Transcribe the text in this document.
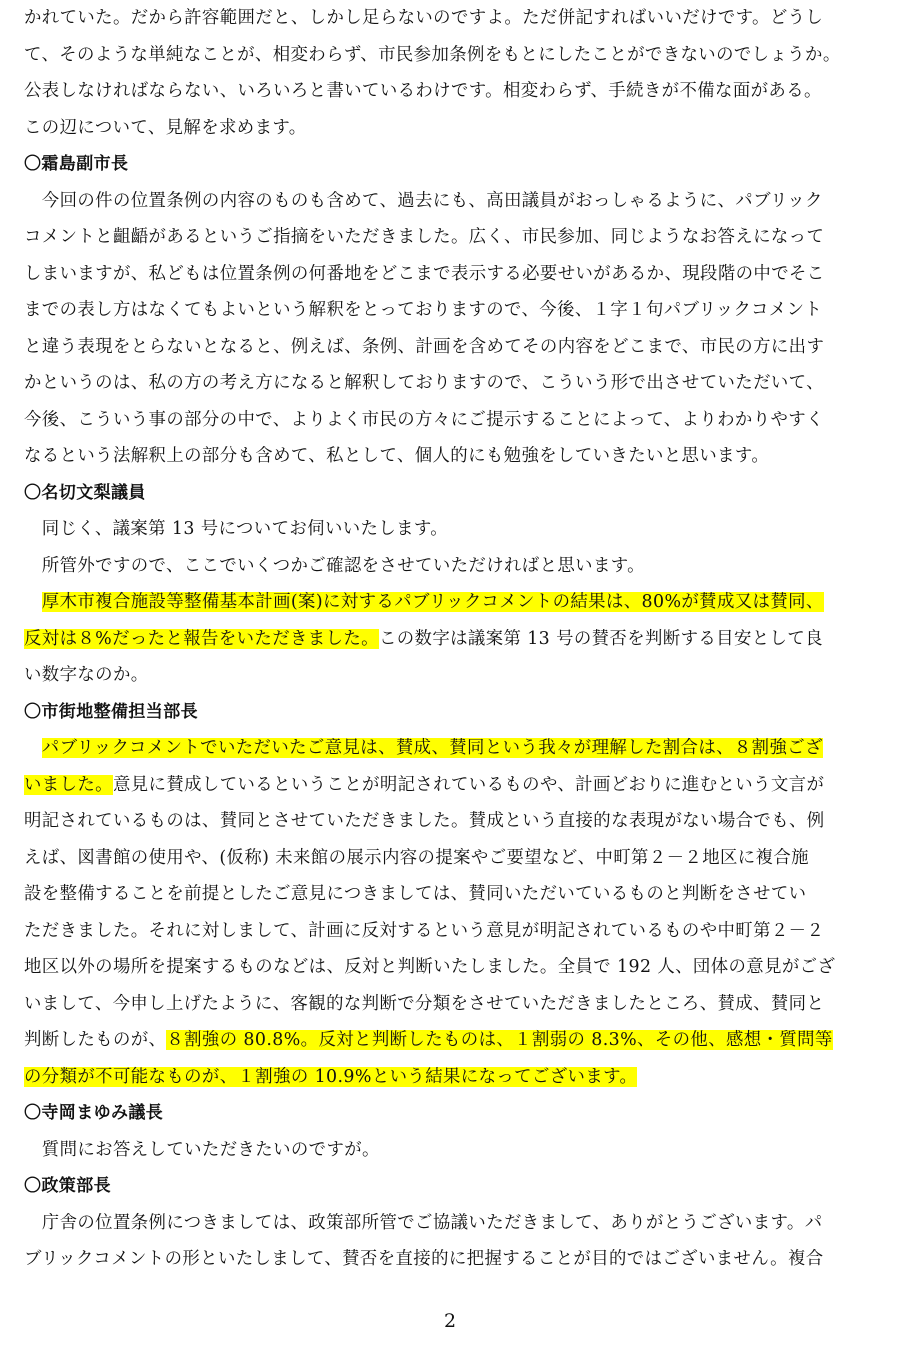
かれていた。だから許容範囲だと、しかし足らないのですよ。ただ併記すればいいだけです。どうし
て、そのような単純なことが、相変わらず、市民参加条例をもとにしたことができないのでしょうか。
公表しなければならない、いろいろと書いているわけです。相変わらず、手続きが不備な面がある。
この辺について、見解を求めます。
〇霜島副市長
　今回の件の位置条例の内容のものも含めて、過去にも、高田議員がおっしゃるように、パブリック
コメントと齟齬があるというご指摘をいただきました。広く、市民参加、同じようなお答えになって
しまいますが、私どもは位置条例の何番地をどこまで表示する必要せいがあるか、現段階の中でそこ
までの表し方はなくてもよいという解釈をとっておりますので、今後、１字１句パブリックコメント
と違う表現をとらないとなると、例えば、条例、計画を含めてその内容をどこまで、市民の方に出す
かというのは、私の方の考え方になると解釈しておりますので、こういう形で出させていただいて、
今後、こういう事の部分の中で、よりよく市民の方々にご提示することによって、よりわかりやすく
なるという法解釈上の部分も含めて、私として、個人的にも勉強をしていきたいと思います。
〇名切文梨議員
　同じく、議案第 13 号についてお伺いいたします。
　所管外ですので、ここでいくつかご確認をさせていただければと思います。
　厚木市複合施設等整備基本計画(案)に対するパブリックコメントの結果は、80%が賛成又は賛同、
反対は８%だったと報告をいただきました。この数字は議案第 13 号の賛否を判断する目安として良
い数字なのか。
〇市街地整備担当部長
　パブリックコメントでいただいたご意見は、賛成、賛同という我々が理解した割合は、８割強ござ
いました。意見に賛成しているということが明記されているものや、計画どおりに進むという文言が
明記されているものは、賛同とさせていただきました。賛成という直接的な表現がない場合でも、例
えば、図書館の使用や、(仮称) 未来館の展示内容の提案やご要望など、中町第２－２地区に複合施
設を整備することを前提としたご意見につきましては、賛同いただいているものと判断をさせてい
ただきました。それに対しまして、計画に反対するという意見が明記されているものや中町第２－２
地区以外の場所を提案するものなどは、反対と判断いたしました。全員で 192 人、団体の意見がござ
いまして、今申し上げたように、客観的な判断で分類をさせていただきましたところ、賛成、賛同と
判断したものが、８割強の 80.8%。反対と判断したものは、１割弱の 8.3%、その他、感想・質問等
の分類が不可能なものが、１割強の 10.9%という結果になってございます。
〇寺岡まゆみ議長
　質問にお答えしていただきたいのですが。
〇政策部長
　庁舎の位置条例につきましては、政策部所管でご協議いただきまして、ありがとうございます。パ
ブリックコメントの形といたしまして、賛否を直接的に把握することが目的ではございません。複合
2
